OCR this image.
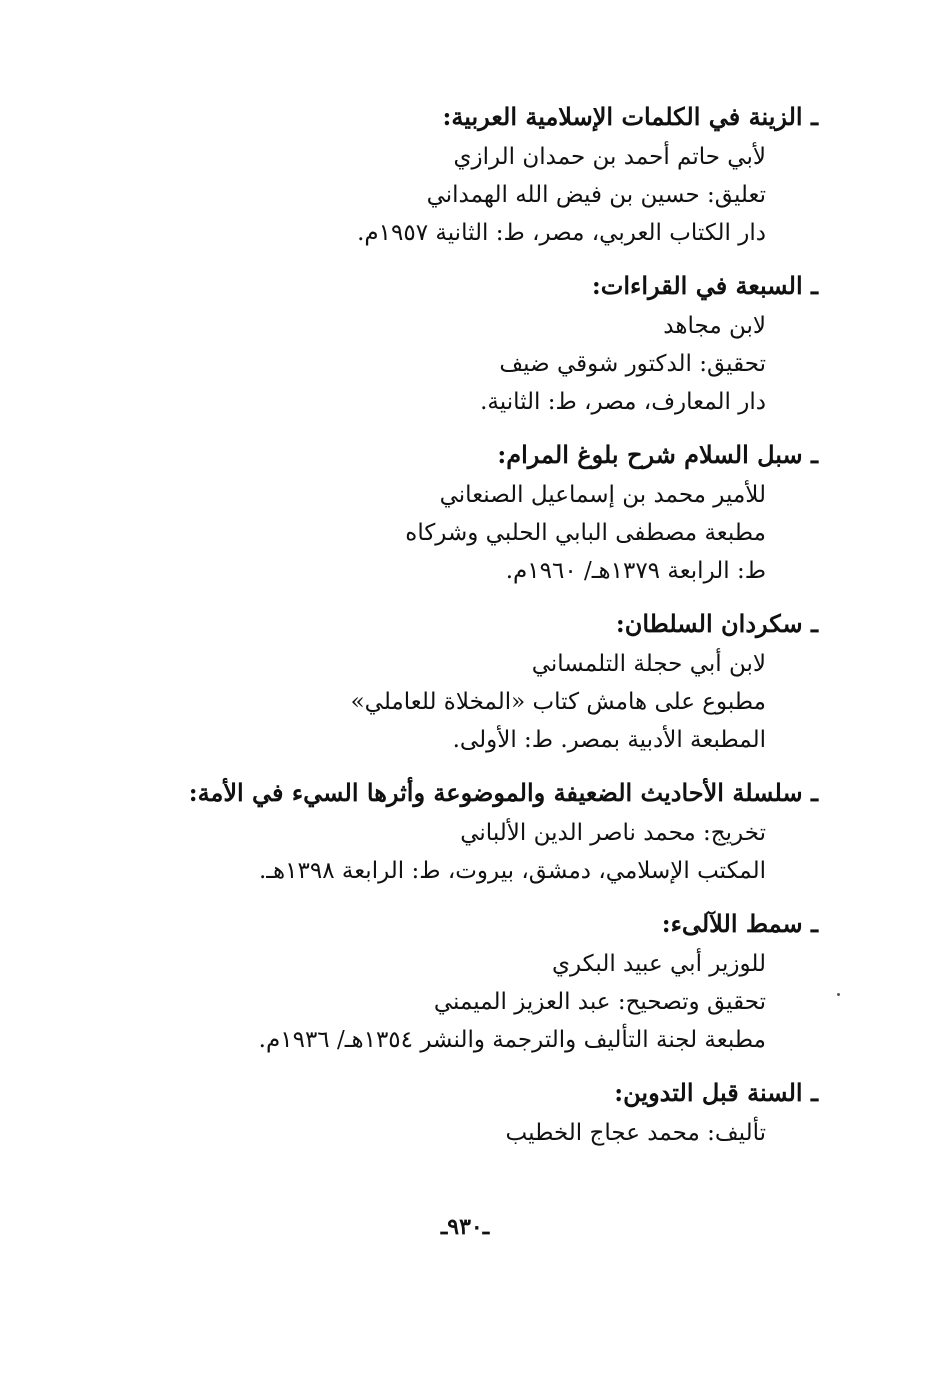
ـ الزينة في الكلمات الإسلامية العربية:
لأبي حاتم أحمد بن حمدان الرازي
تعليق: حسين بن فيض الله الهمداني
دار الكتاب العربي، مصر، ط: الثانية ١٩٥٧م.
ـ السبعة في القراءات:
لابن مجاهد
تحقيق: الدكتور شوقي ضيف
دار المعارف، مصر، ط: الثانية.
ـ سبل السلام شرح بلوغ المرام:
للأمير محمد بن إسماعيل الصنعاني
مطبعة مصطفى البابي الحلبي وشركاه
ط: الرابعة ١٣٧٩هـ/ ١٩٦٠م.
ـ سكردان السلطان:
لابن أبي حجلة التلمساني
مطبوع على هامش كتاب «المخلاة للعاملي»
المطبعة الأدبية بمصر. ط: الأولى.
ـ سلسلة الأحاديث الضعيفة والموضوعة وأثرها السيء في الأمة:
تخريج: محمد ناصر الدين الألباني
المكتب الإسلامي، دمشق، بيروت، ط: الرابعة ١٣٩٨هـ.
ـ سمط اللآلىء:
للوزير أبي عبيد البكري
تحقيق وتصحيح: عبد العزيز الميمني
مطبعة لجنة التأليف والترجمة والنشر ١٣٥٤هـ/ ١٩٣٦م.
ـ السنة قبل التدوين:
تأليف: محمد عجاج الخطيب
ـ٩٣٠ـ
